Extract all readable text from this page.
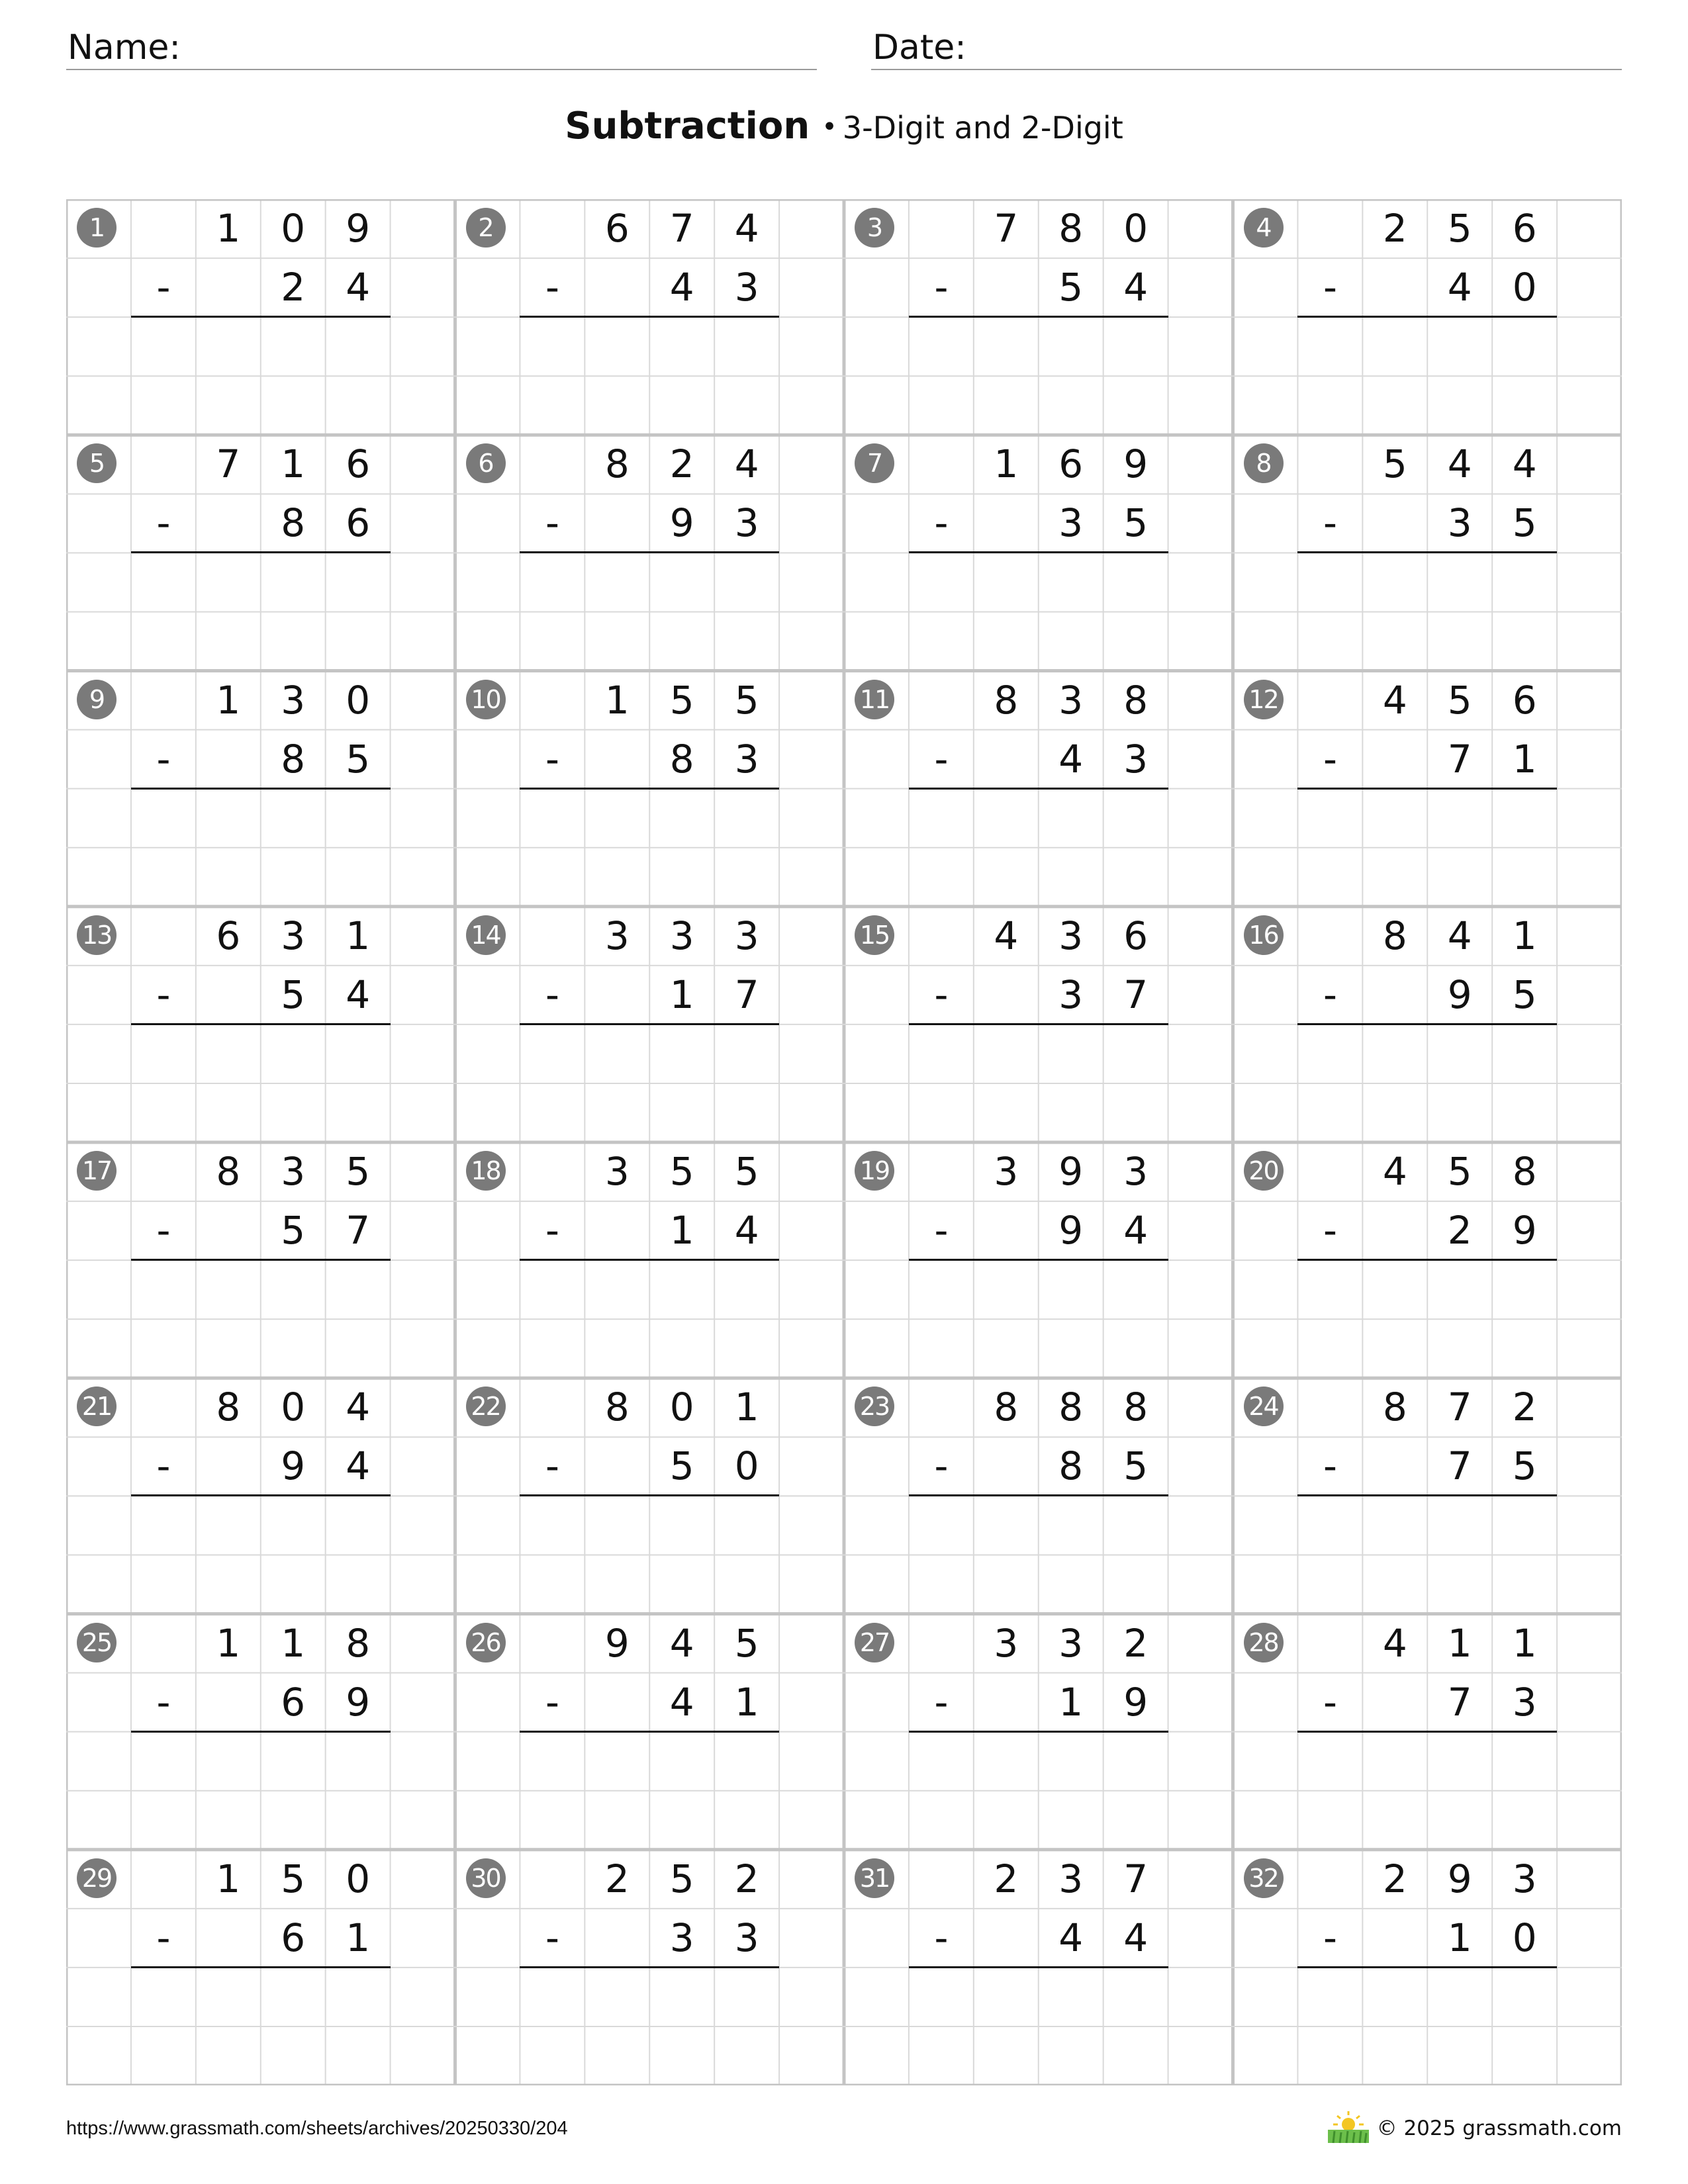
Name:	Date:
Subtraction • 3-Digit and 2-Digit
1	1	0	9
-	2	4
2	6	7	4
-	4	3
3	7	8	0
-	5	4
4	2	5	6
-	4	0
5	7	1	6
-	8	6
6	8	2	4
-	9	3
7	1	6	9
-	3	5
8	5	4	4
-	3	5
9	1	3	0
-	8	5
10	1	5	5
-	8	3
11	8	3	8
-	4	3
12	4	5	6
-	7	1
13	6	3	1
-	5	4
14	3	3	3
-	1	7
15	4	3	6
-	3	7
16	8	4	1
-	9	5
17	8	3	5
-	5	7
18	3	5	5
-	1	4
19	3	9	3
-	9	4
20	4	5	8
-	2	9
21	8	0	4
-	9	4
22	8	0	1
-	5	0
23	8	8	8
-	8	5
24	8	7	2
-	7	5
25	1	1	8
-	6	9
26	9	4	5
-	4	1
27	3	3	2
-	1	9
28	4	1	1
-	7	3
29	1	5	0
-	6	1
30	2	5	2
-	3	3
31	2	3	7
-	4	4
32	2	9	3
-	1	0
https://www.grassmath.com/sheets/archives/20250330/204	© 2025 grassmath.com
